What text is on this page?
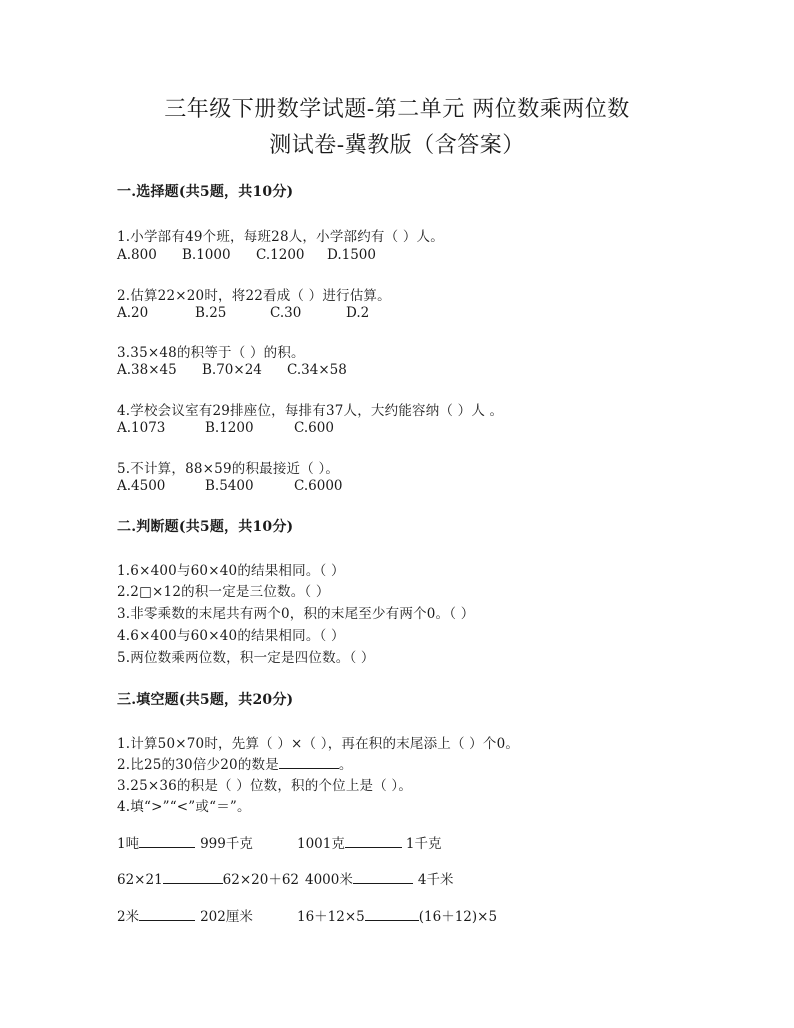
三年级下册数学试题-第二单元 两位数乘两位数
测试卷-冀教版（含答案）
一.选择题(共5题，共10分)
1.小学部有49个班，每班28人，小学部约有（ ）人。
A.800 B.1000 C.1200 D.1500
2.估算22×20时，将22看成（ ）进行估算。
A.20	B.25	C.30	D.2
3.35×48的积等于（ ）的积。
A.38×45 B.70×24 C.34×58
4.学校会议室有29排座位，每排有37人，大约能容纳（ ）人 。
A.1073	B.1200	C.600
5.不计算，88×59的积最接近（ ）。
A.4500	B.5400	C.6000
二.判断题(共5题，共10分)
1.6×400与60×40的结果相同。（ ）
2.2□×12的积一定是三位数。（ ）
3.非零乘数的末尾共有两个0，积的末尾至少有两个0。（ ）
4.6×400与60×40的结果相同。（ ）
5.两位数乘两位数，积一定是四位数。（ ）
三.填空题(共5题，共20分)
1.计算50×70时，先算（ ）×（ ），再在积的末尾添上（ ）个0。
2.比25的30倍少20的数是	。
3.25×36的积是（ ）位数，积的个位上是（ ）。
4.填“>”“<”或“＝”。
1吨	999千克	1001克	1千克
62×21	62×20＋62 4000米	4千米
2米	202厘米	16＋12×5	(16＋12)×5
